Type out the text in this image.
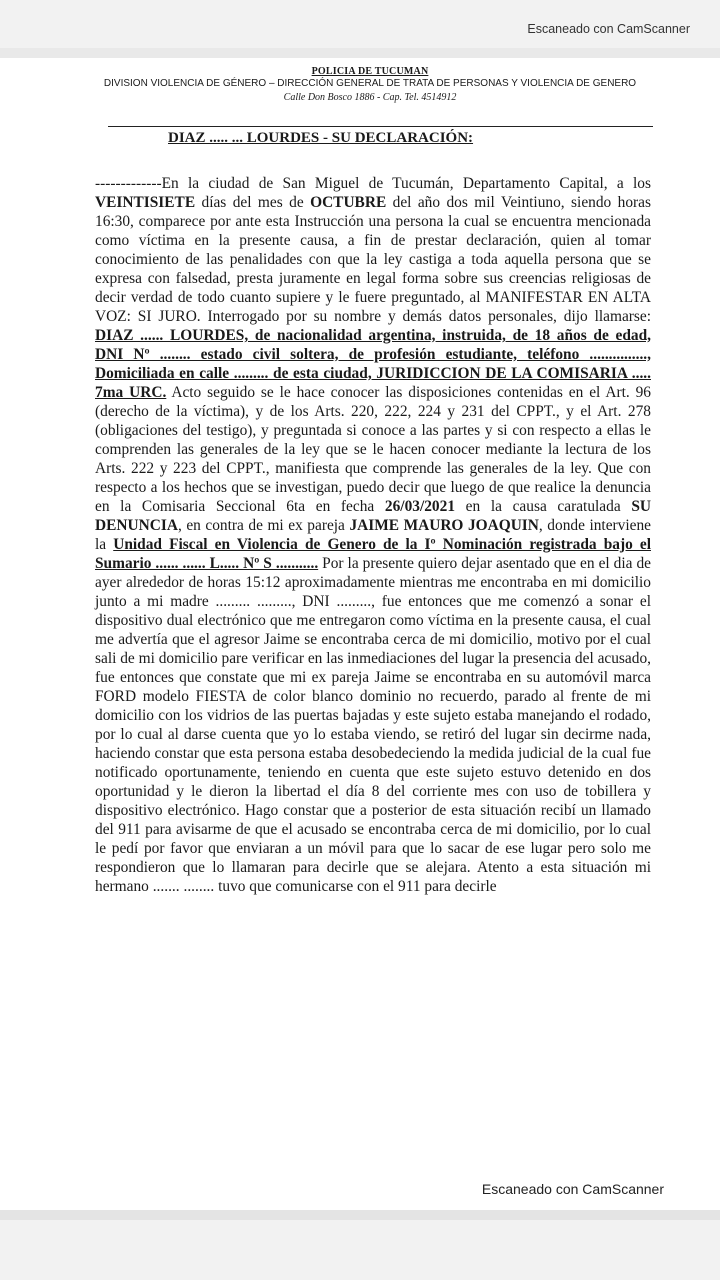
Escaneado con CamScanner
POLICIA DE TUCUMAN
DIVISION VIOLENCIA DE GÉNERO – DIRECCIÓN GENERAL DE TRATA DE PERSONAS Y VIOLENCIA DE GENERO
Calle Don Bosco 1886 - Cap. Tel. 4514912
DIAZ ..... ... LOURDES - SU DECLARACIÓN:
-------------En la ciudad de San Miguel de Tucumán, Departamento Capital, a los VEINTISIETE días del mes de OCTUBRE del año dos mil Veintiuno, siendo horas 16:30, comparece por ante esta Instrucción una persona la cual se encuentra mencionada como víctima en la presente causa, a fin de prestar declaración, quien al tomar conocimiento de las penalidades con que la ley castiga a toda aquella persona que se expresa con falsedad, presta juramente en legal forma sobre sus creencias religiosas de decir verdad de todo cuanto supiere y le fuere preguntado, al MANIFESTAR EN ALTA VOZ: SI JURO. Interrogado por su nombre y demás datos personales, dijo llamarse: DIAZ ...... LOURDES, de nacionalidad argentina, instruida, de 18 años de edad, DNI Nº ........ estado civil soltera, de profesión estudiante, teléfono ..............., Domiciliada en calle ......... de esta ciudad, JURIDICCION DE LA COMISARIA ..... 7ma URC. Acto seguido se le hace conocer las disposiciones contenidas en el Art. 96 (derecho de la víctima), y de los Arts. 220, 222, 224 y 231 del CPPT., y el Art. 278 (obligaciones del testigo), y preguntada si conoce a las partes y si con respecto a ellas le comprenden las generales de la ley que se le hacen conocer mediante la lectura de los Arts. 222 y 223 del CPPT., manifiesta que comprende las generales de la ley. Que con respecto a los hechos que se investigan, puedo decir que luego de que realice la denuncia en la Comisaria Seccional 6ta en fecha 26/03/2021 en la causa caratulada SU DENUNCIA, en contra de mi ex pareja JAIME MAURO JOAQUIN, donde interviene la Unidad Fiscal en Violencia de Genero de la Iº Nominación registrada bajo el Sumario ...... ...... L..... Nº S ........... Por la presente quiero dejar asentado que en el dia de ayer alrededor de horas 15:12 aproximadamente mientras me encontraba en mi domicilio junto a mi madre ......... ........., DNI ........., fue entonces que me comenzó a sonar el dispositivo dual electrónico que me entregaron como víctima en la presente causa, el cual me advertía que el agresor Jaime se encontraba cerca de mi domicilio, motivo por el cual sali de mi domicilio pare verificar en las inmediaciones del lugar la presencia del acusado, fue entonces que constate que mi ex pareja Jaime se encontraba en su automóvil marca FORD modelo FIESTA de color blanco dominio no recuerdo, parado al frente de mi domicilio con los vidrios de las puertas bajadas y este sujeto estaba manejando el rodado, por lo cual al darse cuenta que yo lo estaba viendo, se retiró del lugar sin decirme nada, haciendo constar que esta persona estaba desobedeciendo la medida judicial de la cual fue notificado oportunamente, teniendo en cuenta que este sujeto estuvo detenido en dos oportunidad y le dieron la libertad el día 8 del corriente mes con uso de tobillera y dispositivo electrónico. Hago constar que a posterior de esta situación recibí un llamado del 911 para avisarme de que el acusado se encontraba cerca de mi domicilio, por lo cual le pedí por favor que enviaran a un móvil para que lo sacar de ese lugar pero solo me respondieron que lo llamaran para decirle que se alejara. Atento a esta situación mi hermano ....... ........ tuvo que comunicarse con el 911 para decirle
Escaneado con CamScanner
